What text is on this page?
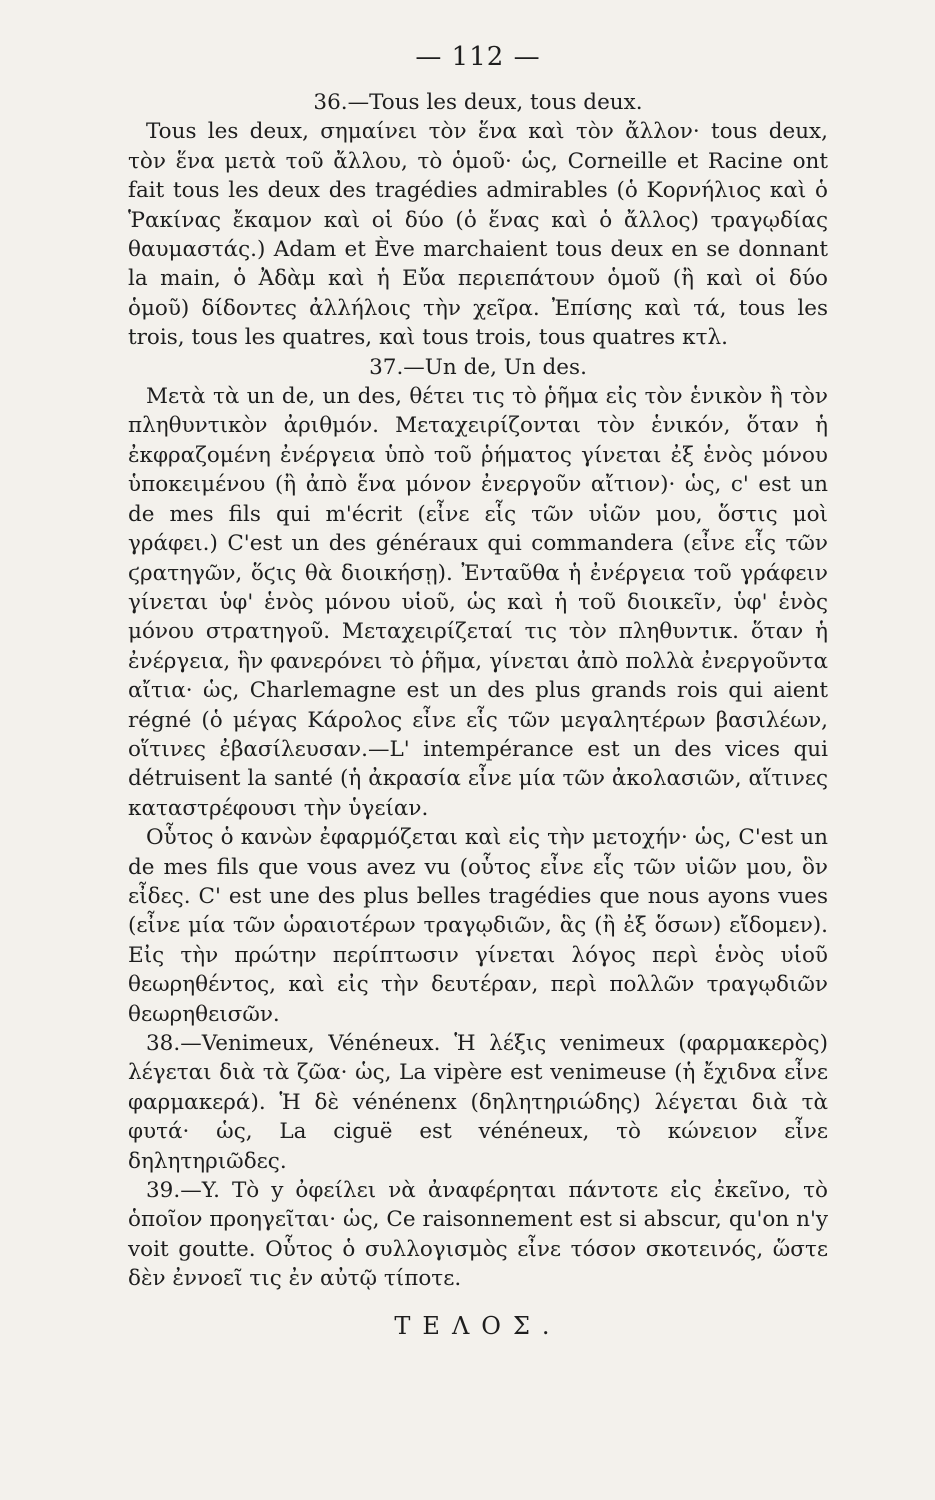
— 112 —
36.—Tous les deux, tous deux.

Tous les deux, σημαίνει τὸν ἕνα καὶ τὸν ἄλλον· tous deux, τὸν ἕνα μετὰ τοῦ ἄλλου, τὸ ὁμοῦ· ὡς, Corneille et Racine ont fait tous les deux des tragédies admirables (ὁ Κορνήλιος καὶ ὁ Ῥακίνας ἔκαμον καὶ οἱ δύο (ὁ ἕνας καὶ ὁ ἄλλος) τραγῳδίας θαυμαστάς.) Adam et Ève marchaient tous deux en se donnant la main, ὁ Ἀδὰμ καὶ ἡ Εὔα περιεπάτουν ὁμοῦ (ἢ καὶ οἱ δύο ὁμοῦ) δίδοντες ἀλλήλοις τὴν χεῖρα. Ἐπίσης καὶ τά, tous les trois, tous les quatres, καὶ tous trois, tous quatres κτλ.

37.—Un de, Un des.

Μετὰ τὰ un de, un des, θέτει τις τὸ ῥῆμα εἰς τὸν ἑνικὸν ἢ τὸν πληθυντικὸν ἀριθμόν. Μεταχειρίζονται τὸν ἑνικόν, ὅταν ἡ ἐκφραζομένη ἐνέργεια ὑπὸ τοῦ ῥήματος γίνεται ἐξ ἑνὸς μόνου ὑποκειμένου (ἢ ἀπὸ ἕνα μόνον ἐνεργοῦν αἴτιον)· ὡς, c' est un de mes fils qui m'écrit (εἶνε εἷς τῶν υἱῶν μου, ὅστις μοὶ γράφει.) C'est un des généraux qui commandera (εἶνε εἷς τῶν ϛρατηγῶν, ὅϛις θὰ διοικήσῃ). Ἐνταῦθα ἡ ἐνέργεια τοῦ γράφειν γίνεται ὑφ' ἑνὸς μόνου υἱοῦ, ὡς καὶ ἡ τοῦ διοικεῖν, ὑφ' ἑνὸς μόνου στρατηγοῦ. Μεταχειρίζεταί τις τὸν πληθυντικ. ὅταν ἡ ἐνέργεια, ἣν φανερόνει τὸ ῥῆμα, γίνεται ἀπὸ πολλὰ ἐνεργοῦντα αἴτια· ὡς, Charlemagne est un des plus grands rois qui aient régné (ὁ μέγας Κάρολος εἶνε εἷς τῶν μεγαλητέρων βασιλέων, οἵτινες ἐβασίλευσαν.—L' intempérance est un des vices qui détruisent la santé (ἡ ἀκρασία εἶνε μία τῶν ἀκολασιῶν, αἵτινες καταστρέφουσι τὴν ὑγείαν.

Οὗτος ὁ κανὼν ἐφαρμόζεται καὶ εἰς τὴν μετοχήν· ὡς, C'est un de mes fils que vous avez vu (οὗτος εἶνε εἷς τῶν υἱῶν μου, ὃν εἶδες. C' est une des plus belles tragédies que nous ayons vues (εἶνε μία τῶν ὡραιοτέρων τραγῳδιῶν, ἃς (ἢ ἐξ ὅσων) εἴδομεν). Εἰς τὴν πρώτην περίπτωσιν γίνεται λόγος περὶ ἑνὸς υἱοῦ θεωρηθέντος, καὶ εἰς τὴν δευτέραν, περὶ πολλῶν τραγῳδιῶν θεωρηθεισῶν.

38.—Venimeux, Vénéneux. Ἡ λέξις venimeux (φαρμακερὸς) λέγεται διὰ τὰ ζῶα· ὡς, La vipère est venimeuse (ἡ ἔχιδνα εἶνε φαρμακερά). Ἡ δὲ vénénenx (δηλητηριώδης) λέγεται διὰ τὰ φυτά· ὡς, La ciguë est vénéneux, τὸ κώνειον εἶνε δηλητηριῶδες.

39.—Y. Τὸ y ὀφείλει νὰ ἀναφέρηται πάντοτε εἰς ἐκεῖνο, τὸ ὁποῖον προηγεῖται· ὡς, Ce raisonnement est si abscur, qu'on n'y voit goutte. Οὗτος ὁ συλλογισμὸς εἶνε τόσον σκοτεινός, ὥστε δὲν ἐννοεῖ τις ἐν αὐτῷ τίποτε.

ΤΕΛΟΣ.
